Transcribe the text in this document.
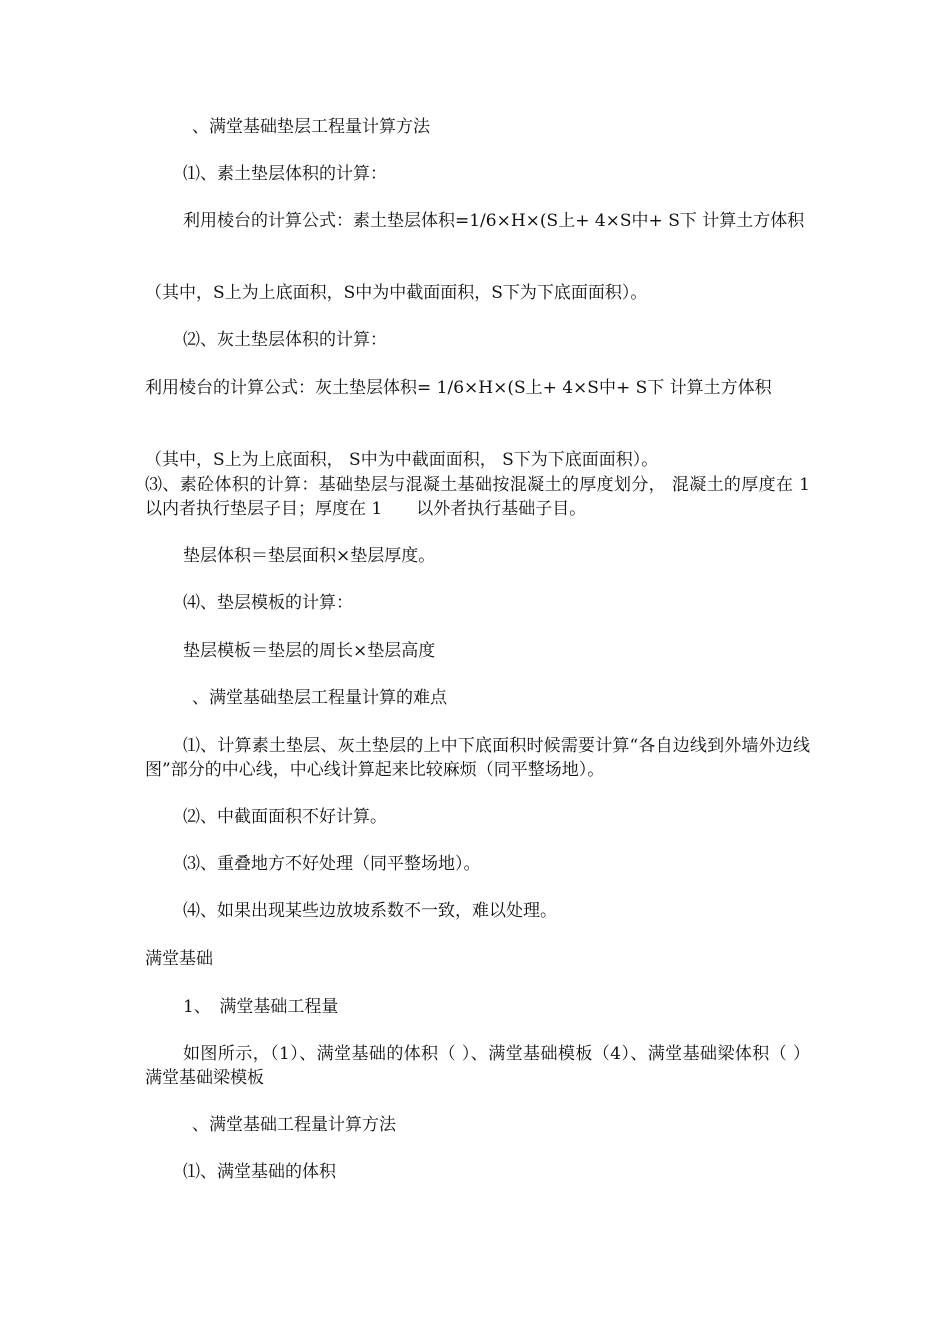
、满堂基础垫层工程量计算方法
⑴、素土垫层体积的计算：
利用棱台的计算公式：素土垫层体积=1/6×H×(S上+ 4×S中+ S下 计算土方体积
（其中，S上为上底面积，S中为中截面面积，S下为下底面面积）。
⑵、灰土垫层体积的计算：
利用棱台的计算公式：灰土垫层体积= 1/6×H×(S上+ 4×S中+ S下 计算土方体积
（其中，S上为上底面积， S中为中截面面积， S下为下底面面积）。
⑶、素砼体积的计算：基础垫层与混凝土基础按混凝土的厚度划分， 混凝土的厚度在 1　　以内者执行垫层子目；厚度在 1　　以外者执行基础子目。
垫层体积＝垫层面积×垫层厚度。
⑷、垫层模板的计算：
垫层模板＝垫层的周长×垫层高度
、满堂基础垫层工程量计算的难点
⑴、计算素土垫层、灰土垫层的上中下底面积时候需要计算“各自边线到外墙外边线图”部分的中心线，中心线计算起来比较麻烦（同平整场地）。
⑵、中截面面积不好计算。
⑶、重叠地方不好处理（同平整场地）。
⑷、如果出现某些边放坡系数不一致，难以处理。
满堂基础
1、　满堂基础工程量
如图所示，（1）、满堂基础的体积（ ）、满堂基础模板（4）、满堂基础梁体积（ ）满堂基础梁模板
、满堂基础工程量计算方法
⑴、满堂基础的体积
